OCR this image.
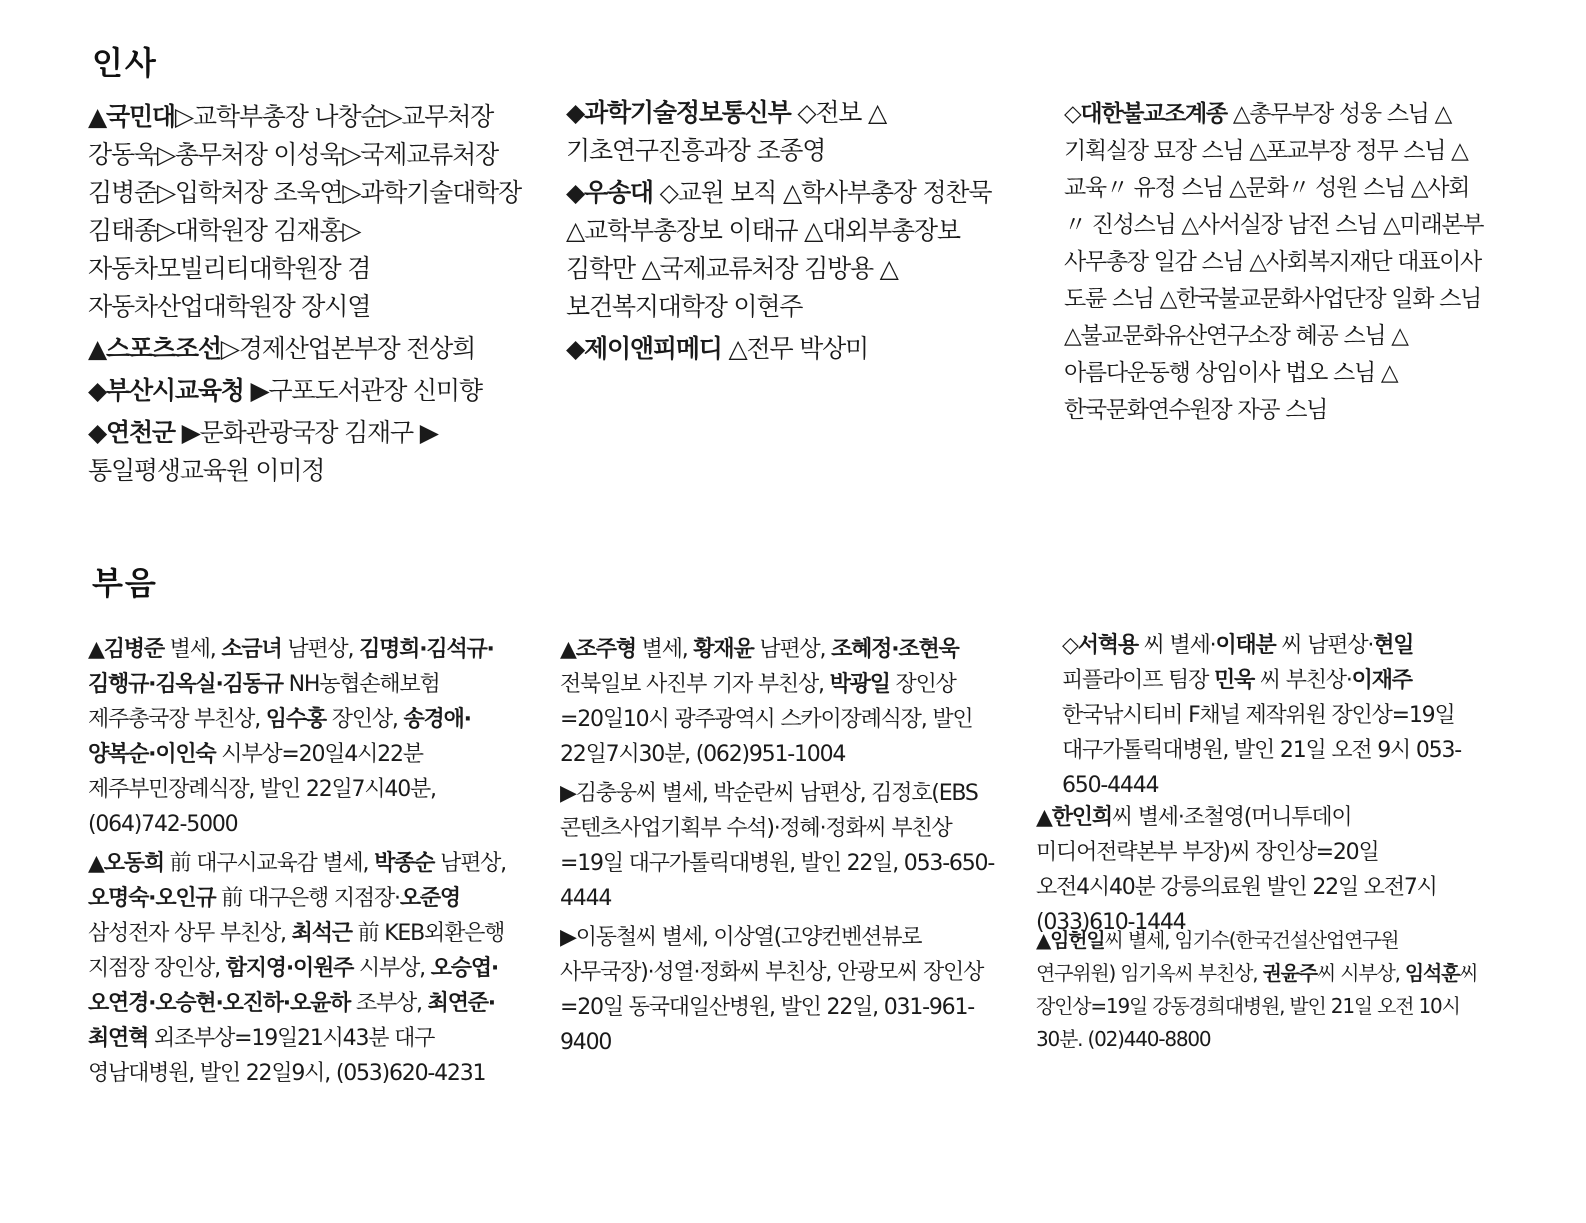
인사
▲국민대▷교학부총장 나창순▷교무처장 강동욱▷총무처장 이성욱▷국제교류처장 김병준▷입학처장 조욱연▷과학기술대학장 김태종▷대학원장 김재홍▷자동차모빌리티대학원장 겸 자동차산업대학원장 장시열
▲스포츠조선▷경제산업본부장 전상희
◆부산시교육청 ▶구포도서관장 신미향
◆연천군 ▶문화관광국장 김재구 ▶통일평생교육원 이미정
◆과학기술정보통신부 ◇전보 △기초연구진흥과장 조종영
◆우송대 ◇교원 보직 △학사부총장 정찬묵 △교학부총장보 이태규 △대외부총장보 김학만 △국제교류처장 김방용 △보건복지대학장 이현주
◆제이앤피메디 △전무 박상미
◇대한불교조계종 △총무부장 성웅 스님 △기획실장 묘장 스님 △포교부장 정무 스님 △교육〃 유정 스님 △문화〃 성원 스님 △사회〃 진성스님 △사서실장 남전 스님 △미래본부 사무총장 일감 스님 △사회복지재단 대표이사 도륜 스님 △한국불교문화사업단장 일화 스님 △불교문화유산연구소장 혜공 스님 △아름다운동행 상임이사 법오 스님 △한국문화연수원장 자공 스님
부음
▲김병준 별세, 소금녀 남편상, 김명희·김석규·김행규·김옥실·김동규 NH농협손해보험 제주총국장 부친상, 임수홍 장인상, 송경애·양복순·이인숙 시부상=20일4시22분 제주부민장례식장, 발인 22일7시40분, (064)742-5000
▲오동희 前 대구시교육감 별세, 박종순 남편상, 오명숙·오인규 前 대구은행 지점장·오준영 삼성전자 상무 부친상, 최석근 前 KEB외환은행 지점장 장인상, 함지영·이원주 시부상, 오승엽·오연경·오승현·오진하·오윤하 조부상, 최연준·최연혁 외조부상=19일21시43분 대구 영남대병원, 발인 22일9시, (053)620-4231
▲조주형 별세, 황재윤 남편상, 조혜정·조현욱 전북일보 사진부 기자 부친상, 박광일 장인상=20일10시 광주광역시 스카이장례식장, 발인 22일7시30분, (062)951-1004
▶김충웅씨 별세, 박순란씨 남편상, 김정호(EBS 콘텐츠사업기획부 수석)·정혜·정화씨 부친상=19일 대구가톨릭대병원, 발인 22일, 053-650-4444
▶이동철씨 별세, 이상열(고양컨벤션뷰로 사무국장)·성열·정화씨 부친상, 안광모씨 장인상=20일 동국대일산병원, 발인 22일, 031-961-9400
◇서혁용 씨 별세·이태분 씨 남편상·현일 피플라이프 팀장 민욱 씨 부친상·이재주 한국낚시티비 F채널 제작위원 장인상=19일 대구가톨릭대병원, 발인 21일 오전 9시 053-650-4444
▲한인희씨 별세·조철영(머니투데이 미디어전략본부 부장)씨 장인상=20일 오전4시40분 강릉의료원 발인 22일 오전7시 (033)610-1444
▲임헌일씨 별세, 임기수(한국건설산업연구원 연구위원) 임기옥씨 부친상, 권윤주씨 시부상, 임석훈씨 장인상=19일 강동경희대병원, 발인 21일 오전 10시 30분. (02)440-8800
